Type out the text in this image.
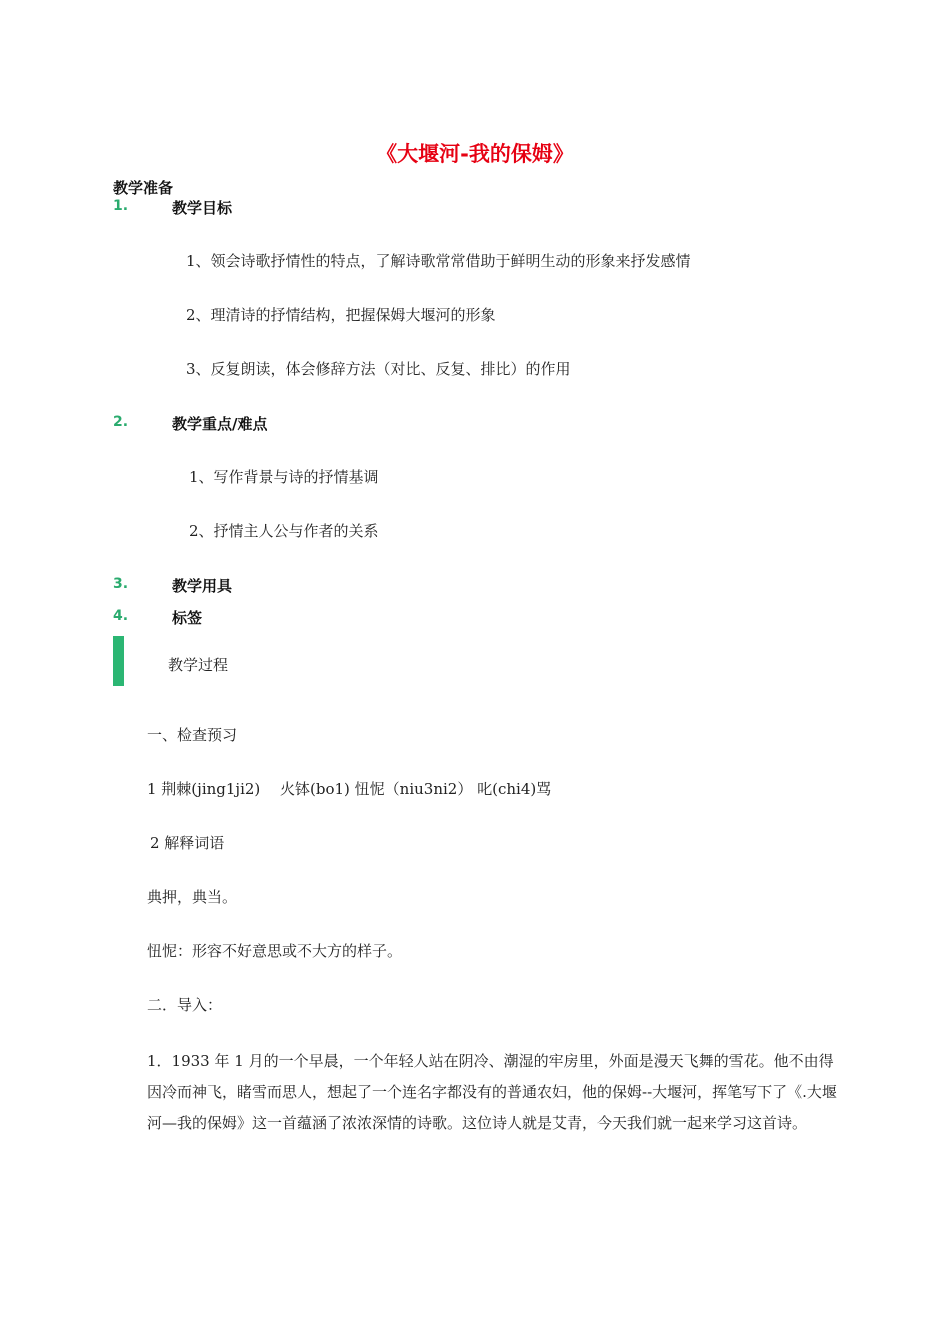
《大堰河-我的保姆》
教学准备
1.	教学目标
1、领会诗歌抒情性的特点，了解诗歌常常借助于鲜明生动的形象来抒发感情
2、理清诗的抒情结构，把握保姆大堰河的形象
3、反复朗读，体会修辞方法（对比、反复、排比）的作用
2.	教学重点/难点
1、写作背景与诗的抒情基调
2、抒情主人公与作者的关系
3.	教学用具
4.	标签
教学过程
一、检查预习
1 荆棘(jing1ji2)　 火钵(bo1) 忸怩（niu3ni2） 叱(chi4)骂
2 解释词语
典押，典当。
忸怩：形容不好意思或不大方的样子。
二．导入：
1．1933 年 1 月的一个早晨，一个年轻人站在阴冷、潮湿的牢房里，外面是漫天飞舞的雪花。他不由得因冷而神飞，睹雪而思人，想起了一个连名字都没有的普通农妇，他的保姆--大堰河，挥笔写下了《.大堰河—我的保姆》这一首蕴涵了浓浓深情的诗歌。这位诗人就是艾青，今天我们就一起来学习这首诗。
